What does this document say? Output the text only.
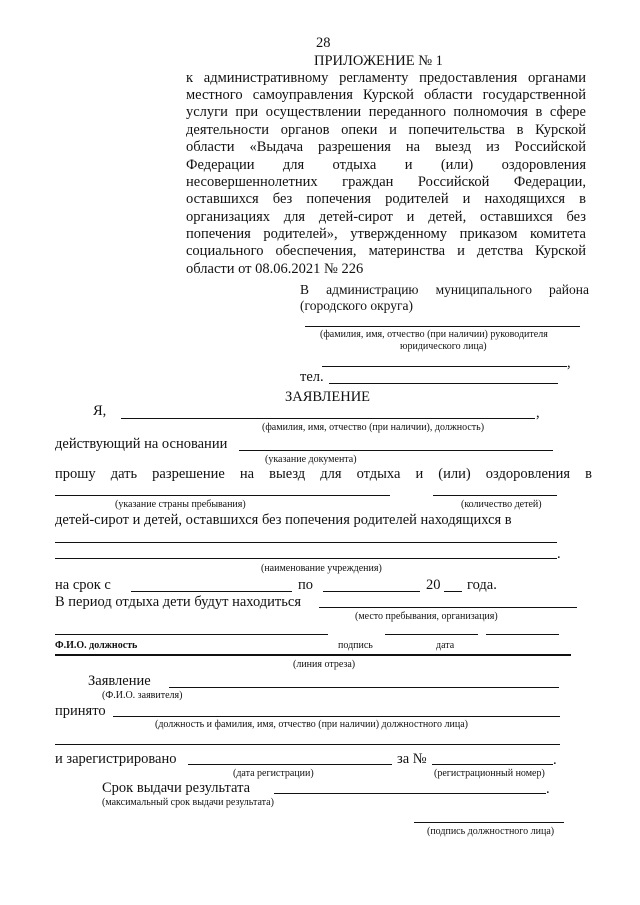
28
ПРИЛОЖЕНИЕ № 1
к административному регламенту предоставления органами
местного самоуправления Курской области государственной
услуги при осуществлении переданного полномочия в сфере
деятельности органов опеки и попечительства в Курской
области «Выдача разрешения на выезд из Российской
Федерации для отдыха и (или) оздоровления
несовершеннолетних граждан Российской Федерации,
оставшихся без попечения родителей и находящихся в
организациях для детей-сирот и детей, оставшихся без
попечения родителей», утвержденному приказом комитета
социального обеспечения, материнства и детства Курской
области от 08.06.2021 № 226
В администрацию муниципального района
(городского округа)
(фамилия, имя, отчество (при наличии) руководителя
юридического лица)
,
тел.
ЗАЯВЛЕНИЕ
Я,	,
(фамилия, имя, отчество (при наличии), должность)
действующий на основании
(указание документа)
прошу дать разрешение на выезд для отдыха и (или) оздоровления в
(указание страны пребывания)	(количество детей)
детей-сирот и детей, оставшихся без попечения родителей находящихся в
.
(наименование учреждения)
на срок с	по	20 года.
В период отдыха дети будут находиться
(место пребывания, организация)
Ф.И.О. должность	подпись	дата
(линия отреза)
Заявление
(Ф.И.О. заявителя)
принято
(должность и фамилия, имя, отчество (при наличии) должностного лица)
и зарегистрировано	за №	.
(дата регистрации)	(регистрационный номер)
Срок выдачи результата	.
(максимальный срок выдачи результата)
(подпись должностного лица)
